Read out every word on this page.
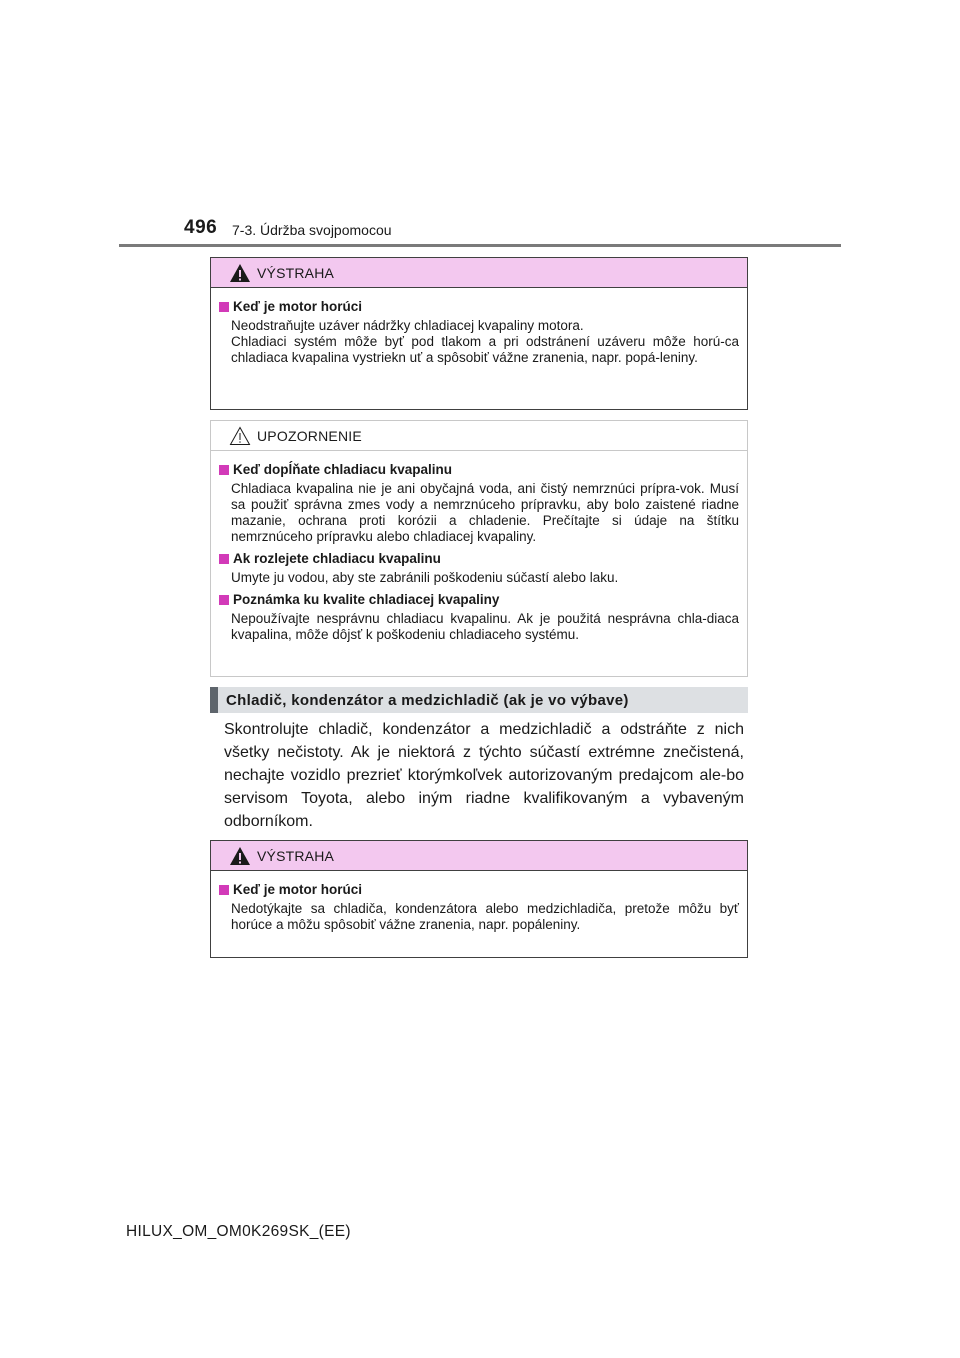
496 7-3. Údržba svojpomocou
VÝSTRAHA
Keď je motor horúci

Neodstraňujte uzáver nádržky chladiacej kvapaliny motora.

Chladiaci systém môže byť pod tlakom a pri odstránení uzáveru môže horú-ca chladiaca kvapalina vystriekn uť a spôsobiť vážne zranenia, napr. popá-leniny.

UPOZORNENIE
Keď dopĺňate chladiacu kvapalinu
Chladiaca kvapalina nie je ani obyčajná voda, ani čistý nemrznúci prípra-vok. Musí sa použiť správna zmes vody a nemrznúceho prípravku, aby bolo zaistené riadne mazanie, ochrana proti korózii a chladenie. Prečítajte si údaje na štítku nemrznúceho prípravku alebo chladiacej kvapaliny.
Ak rozlejete chladiacu kvapalinu
Umyte ju vodou, aby ste zabránili poškodeniu súčastí alebo laku.
Poznámka ku kvalite chladiacej kvapaliny
Nepoužívajte nesprávnu chladiacu kvapalinu. Ak je použitá nesprávna chla-diaca kvapalina, môže dôjsť k poškodeniu chladiaceho systému.
Chladič, kondenzátor a medzichladič (ak je vo výbave)
Skontrolujte chladič, kondenzátor a medzichladič a odstráňte z nich všetky nečistoty. Ak je niektorá z týchto súčastí extrémne znečistená, nechajte vozidlo prezrieť ktorýmkoľvek autorizovaným predajcom ale-bo servisom Toyota, alebo iným riadne kvalifikovaným a vybaveným odborníkom.
VÝSTRAHA
Keď je motor horúci
Nedotýkajte sa chladiča, kondenzátora alebo medzichladiča, pretože môžu byť horúce a môžu spôsobiť vážne zranenia, napr. popáleniny.
HILUX_OM_OM0K269SK_(EE)
